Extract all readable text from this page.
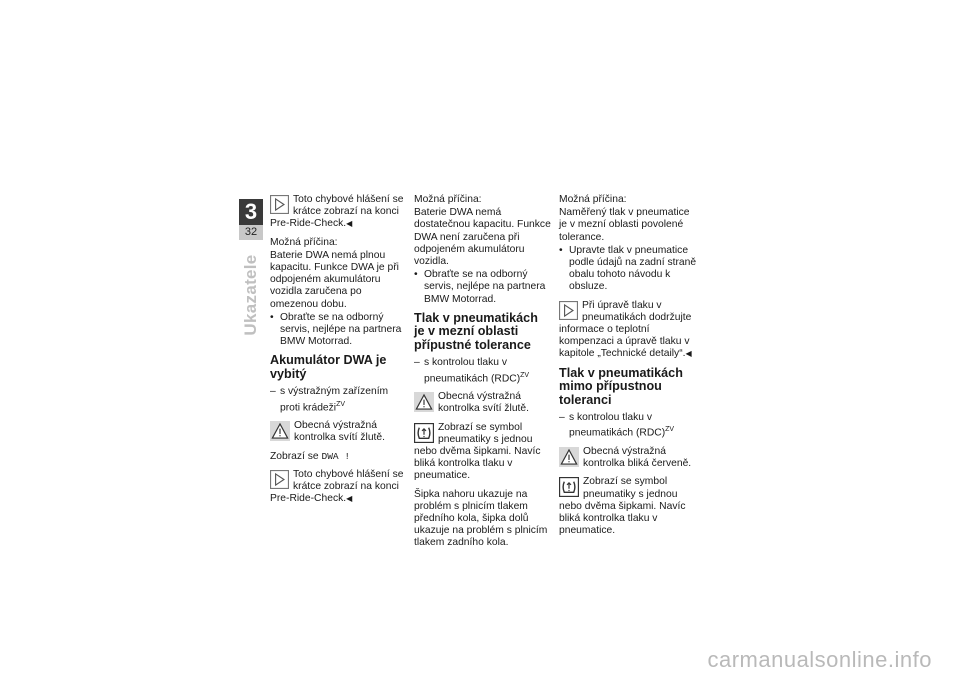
3
32
Ukazatele

Toto chybové hlášení se krátce zobrazí na konci Pre-Ride-Check.◀

Možná příčina:

Baterie DWA nemá plnou kapacitu. Funkce DWA je při odpojeném akumulátoru vozidla zaručena po omezenou dobu.

• Obraťte se na odborný servis, nejlépe na partnera BMW Motorrad.
Akumulátor DWA je vybitý
– s výstražným zařízením proti krádeži$^{ZV}$

Obecná výstražná kontrolka svítí žlutě.

Zobrazí se DWA !

Toto chybové hlášení se krátce zobrazí na konci Pre-Ride-Check.◀

Možná příčina:

Baterie DWA nemá dostatečnou kapacitu. Funkce DWA není zaručena při odpojeném akumulátoru vozidla.

• Obraťte se na odborný servis, nejlépe na partnera BMW Motorrad.
Tlak v pneumatikách je v mezní oblasti přípustné tolerance
– s kontrolou tlaku v pneumatikách (RDC)$^{ZV}$

Obecná výstražná kontrolka svítí žlutě.

Zobrazí se symbol pneumatiky s jednou nebo dvěma šipkami. Navíc bliká kontrolka tlaku v pneumatice.

Šipka nahoru ukazuje na problém s plnicím tlakem předního kola, šipka dolů ukazuje na problém s plnicím tlakem zadního kola.

Možná příčina:

Naměřený tlak v pneumatice je v mezní oblasti povolené tolerance.

• Upravte tlak v pneumatice podle údajů na zadní straně obalu tohoto návodu k obsluze.

Při úpravě tlaku v pneumatikách dodržujte informace o teplotní kompenzaci a úpravě tlaku v kapitole „Technické detaily“.◀

Tlak v pneumatikách mimo přípustnou toleranci
– s kontrolou tlaku v pneumatikách (RDC)$^{ZV}$

Obecná výstražná kontrolka bliká červeně.

Zobrazí se symbol pneumatiky s jednou nebo dvěma šipkami. Navíc bliká kontrolka tlaku v pneumatice.

carmanualsonline.info
